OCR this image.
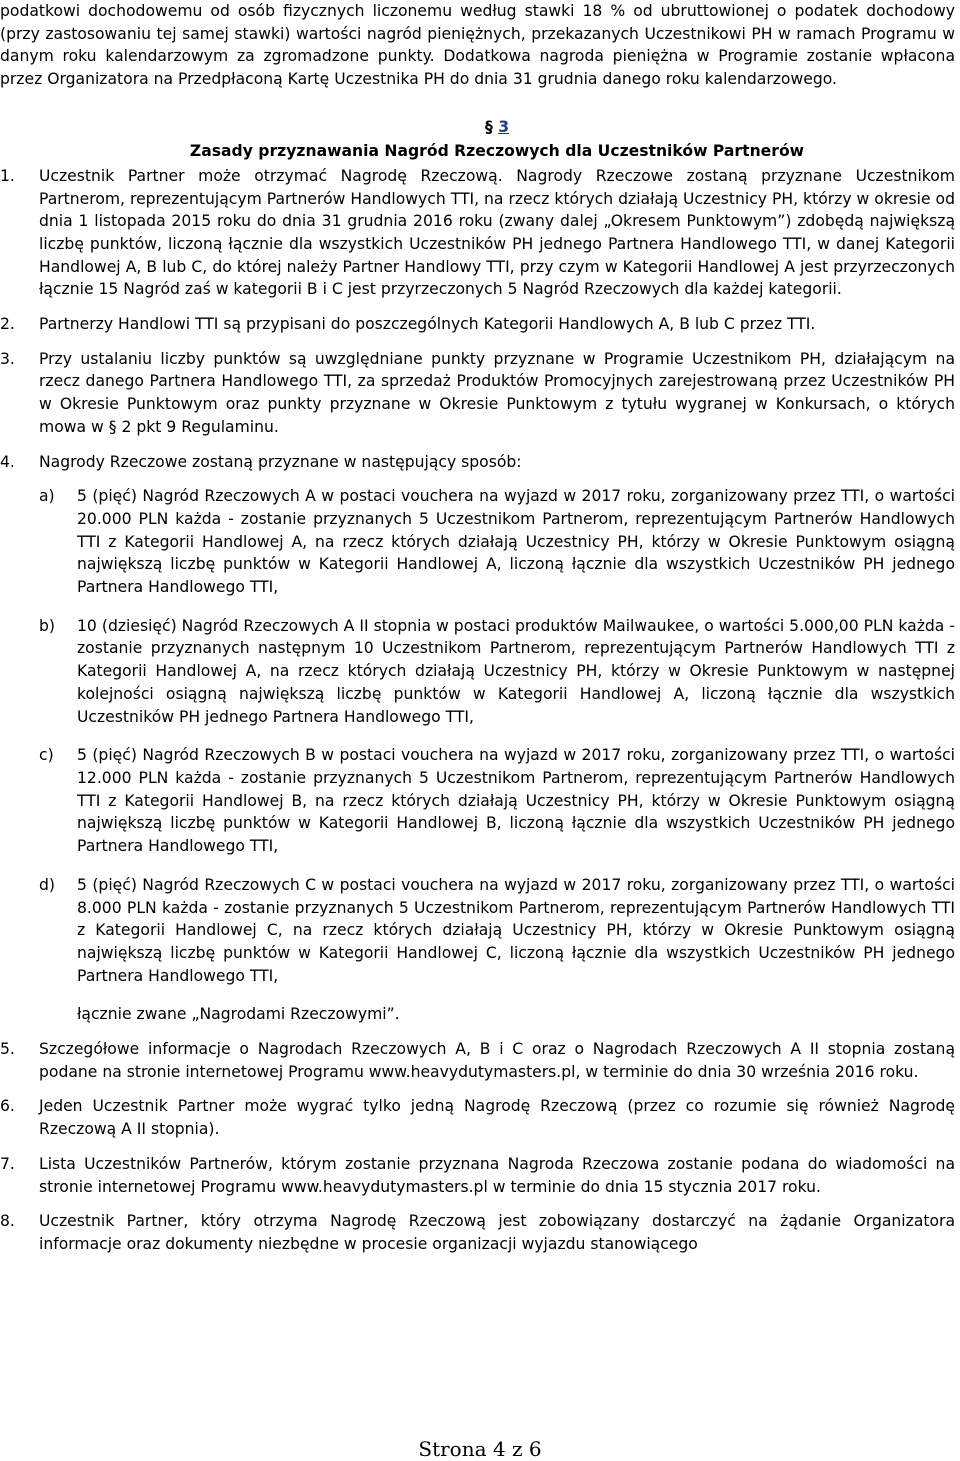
podatkowi dochodowemu od osób fizycznych liczonemu według stawki 18 % od ubruttowionej o podatek dochodowy (przy zastosowaniu tej samej stawki) wartości nagród pieniężnych, przekazanych Uczestnikowi PH w ramach Programu w danym roku kalendarzowym za zgromadzone punkty. Dodatkowa nagroda pieniężna w Programie zostanie wpłacona przez Organizatora na Przedpłaconą Kartę Uczestnika PH do dnia 31 grudnia danego roku kalendarzowego.
§ 3
Zasady przyznawania Nagród Rzeczowych dla Uczestników Partnerów
1. Uczestnik Partner może otrzymać Nagrodę Rzeczową. Nagrody Rzeczowe zostaną przyznane Uczestnikom Partnerom, reprezentującym Partnerów Handlowych TTI, na rzecz których działają Uczestnicy PH, którzy w okresie od dnia 1 listopada 2015 roku do dnia 31 grudnia 2016 roku (zwany dalej „Okresem Punktowym”) zdobędą największą liczbę punktów, liczoną łącznie dla wszystkich Uczestników PH jednego Partnera Handlowego TTI, w danej Kategorii Handlowej A, B lub C, do której należy Partner Handlowy TTI, przy czym w Kategorii Handlowej A jest przyrzeczonych łącznie 15 Nagród zaś w kategorii B i C jest przyrzeczonych 5 Nagród Rzeczowych dla każdej kategorii.
2. Partnerzy Handlowi TTI są przypisani do poszczególnych Kategorii Handlowych A, B lub C przez TTI.
3. Przy ustalaniu liczby punktów są uwzględniane punkty przyznane w Programie Uczestnikom PH, działającym na rzecz danego Partnera Handlowego TTI, za sprzedaż Produktów Promocyjnych zarejestrowaną przez Uczestników PH w Okresie Punktowym oraz punkty przyznane w Okresie Punktowym z tytułu wygranej w Konkursach, o których mowa w § 2 pkt 9 Regulaminu.
4. Nagrody Rzeczowe zostaną przyznane w następujący sposób:
a) 5 (pięć) Nagród Rzeczowych A w postaci vouchera na wyjazd w 2017 roku, zorganizowany przez TTI, o wartości 20.000 PLN każda - zostanie przyznanych 5 Uczestnikom Partnerom, reprezentującym Partnerów Handlowych TTI z Kategorii Handlowej A, na rzecz których działają Uczestnicy PH, którzy w Okresie Punktowym osiągną największą liczbę punktów w Kategorii Handlowej A, liczoną łącznie dla wszystkich Uczestników PH jednego Partnera Handlowego TTI,
b) 10 (dziesięć) Nagród Rzeczowych A II stopnia w postaci produktów Mailwaukee, o wartości 5.000,00 PLN każda - zostanie przyznanych następnym 10 Uczestnikom Partnerom, reprezentującym Partnerów Handlowych TTI z Kategorii Handlowej A, na rzecz których działają Uczestnicy PH, którzy w Okresie Punktowym w następnej kolejności osiągną największą liczbę punktów w Kategorii Handlowej A, liczoną łącznie dla wszystkich Uczestników PH jednego Partnera Handlowego TTI,
c) 5 (pięć) Nagród Rzeczowych B w postaci vouchera na wyjazd w 2017 roku, zorganizowany przez TTI, o wartości 12.000 PLN każda - zostanie przyznanych 5 Uczestnikom Partnerom, reprezentującym Partnerów Handlowych TTI z Kategorii Handlowej B, na rzecz których działają Uczestnicy PH, którzy w Okresie Punktowym osiągną największą liczbę punktów w Kategorii Handlowej B, liczoną łącznie dla wszystkich Uczestników PH jednego Partnera Handlowego TTI,
d) 5 (pięć) Nagród Rzeczowych C w postaci vouchera na wyjazd w 2017 roku, zorganizowany przez TTI, o wartości 8.000 PLN każda - zostanie przyznanych 5 Uczestnikom Partnerom, reprezentującym Partnerów Handlowych TTI z Kategorii Handlowej C, na rzecz których działają Uczestnicy PH, którzy w Okresie Punktowym osiągną największą liczbę punktów w Kategorii Handlowej C, liczoną łącznie dla wszystkich Uczestników PH jednego Partnera Handlowego TTI,
łącznie zwane „Nagrodami Rzeczowymi”.
5. Szczegółowe informacje o Nagrodach Rzeczowych A, B i C oraz o Nagrodach Rzeczowych A II stopnia zostaną podane na stronie internetowej Programu www.heavydutymasters.pl, w terminie do dnia 30 września 2016 roku.
6. Jeden Uczestnik Partner może wygrać tylko jedną Nagrodę Rzeczową (przez co rozumie się również Nagrodę Rzeczową A II stopnia).
7. Lista Uczestników Partnerów, którym zostanie przyznana Nagroda Rzeczowa zostanie podana do wiadomości na stronie internetowej Programu www.heavydutymasters.pl w terminie do dnia 15 stycznia 2017 roku.
8. Uczestnik Partner, który otrzyma Nagrodę Rzeczową jest zobowiązany dostarczyć na żądanie Organizatora informacje oraz dokumenty niezbędne w procesie organizacji wyjazdu stanowiącego
Strona 4 z 6
